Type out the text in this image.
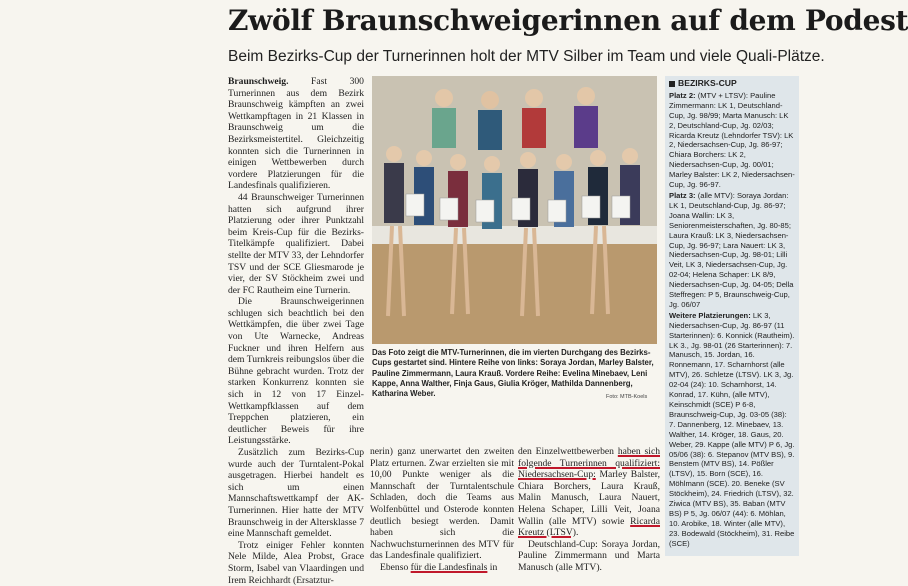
Zwölf Braunschweigerinnen auf dem Podest
Beim Bezirks-Cup der Turnerinnen holt der MTV Silber im Team und viele Quali-Plätze.

Braunschweig. Fast 300 Turnerinnen aus dem Bezirk Braunschweig kämpften an zwei Wettkampftagen in 21 Klassen in Braunschweig um die Bezirksmeistertitel. Gleichzeitig konnten sich die Turnerinnen in einigen Wettbewerben durch vordere Platzierungen für die Landesfinals qualifizieren.

44 Braunschweiger Turnerinnen hatten sich aufgrund ihrer Platzierung oder ihrer Punktzahl beim Kreis-Cup für die Bezirks-Titelkämpfe qualifiziert. Dabei stellte der MTV 33, der Lehndorfer TSV und der SCE Gliesmarode je vier, der SV Stöckheim zwei und der FC Rautheim eine Turnerin.

Die Braunschweigerinnen schlugen sich beachtlich bei den Wettkämpfen, die über zwei Tage von Ute Warnecke, Andreas Fuckner und ihren Helfern aus dem Turnkreis reibungslos über die Bühne gebracht wurden. Trotz der starken Konkurrenz konnten sie sich in 12 von 17 Einzel-Wettkampfklassen auf dem Treppchen platzieren, ein deutlicher Beweis für ihre Leistungsstärke.

Zusätzlich zum Bezirks-Cup wurde auch der Turntalent-Pokal ausgetragen. Hierbei handelt es sich um einen Mannschaftswettkampf der AK-Turnerinnen. Hier hatte der MTV Braunschweig in der Altersklasse 7 eine Mannschaft gemeldet.

Trotz einiger Fehler konnten Nele Milde, Alea Probst, Grace Storm, Isabel van Vlaardingen und Irem Reichhardt (Ersatztur-

Foto: MTB-Koels
Das Foto zeigt die MTV-Turnerinnen, die im vierten Durchgang des Bezirks-Cups gestartet sind. Hintere Reihe von links: Soraya Jordan, Marley Balster, Pauline Zimmermann, Laura Krauß. Vordere Reihe: Evelina Minebaev, Leni Kappe, Anna Walther, Finja Gaus, Giulia Kröger, Mathilda Dannenberg, Katharina Weber.

nerin) ganz unerwartet den zweiten Platz erturnen. Zwar erzielten sie mit 10,00 Punkte weniger als die Mannschaft der Turntalentschule Schladen, doch die Teams aus Wolfenbüttel und Osterode konnten deutlich besiegt werden. Damit haben sich die Nachwuchsturnerinnen des MTV für das Landesfinale qualifiziert.

Ebenso für die Landesfinals in

den Einzelwettbewerben haben sich folgende Turnerinnen qualifiziert: Niedersachsen-Cup: Marley Balster, Chiara Borchers, Laura Krauß, Malin Manusch, Laura Nauert, Helena Schaper, Lilli Veit, Joana Wallin (alle MTV) sowie Ricarda Kreutz (LTSV).

Deutschland-Cup: Soraya Jordan, Pauline Zimmermann und Marta Manusch (alle MTV).

BEZIRKS-CUP

Platz 2: (MTV + LTSV): Pauline Zimmermann: LK 1, Deutschland-Cup, Jg. 98/99; Marta Manusch: LK 2, Deutschland-Cup, Jg. 02/03; Ricarda Kreutz (Lehndorfer TSV): LK 2, Niedersachsen-Cup, Jg. 86-97; Chiara Borchers: LK 2, Niedersachsen-Cup, Jg. 00/01; Marley Balster: LK 2, Niedersachsen-Cup, Jg. 96-97.

Platz 3: (alle MTV): Soraya Jordan: LK 1, Deutschland-Cup, Jg. 86-97; Joana Wallin: LK 3, Seniorenmeisterschaften, Jg. 80-85; Laura Krauß: LK 3, Niedersachsen-Cup, Jg. 96-97; Lara Nauert: LK 3, Niedersachsen-Cup, Jg. 98-01; Lilli Veit, LK 3, Niedersachsen-Cup, Jg. 02-04; Helena Schaper: LK 8/9, Niedersachsen-Cup, Jg. 04-05; Della Steffregen: P 5, Braunschweig-Cup, Jg. 06/07

Weitere Platzierungen: LK 3, Niedersachsen-Cup, Jg. 86-97 (11 Starterinnen): 6. Konnick (Rautheim). LK 3., Jg. 98-01 (26 Starterinnen): 7. Manusch, 15. Jordan, 16. Ronnemann, 17. Scharnhorst (alle MTV), 26. Schletze (LTSV). LK 3, Jg. 02-04 (24): 10. Scharnhorst, 14. Konrad, 17. Kühn, (alle MTV), Keinschmidt (SCE) P 6-8, Braunschweig-Cup, Jg. 03-05 (38): 7. Dannenberg, 12. Minebaev, 13. Walther, 14. Kröger, 18. Gaus, 20. Weber, 29. Kappe (alle MTV) P 6, Jg. 05/06 (38): 6. Stepanov (MTV BS), 9. Benstem (MTV BS), 14. Pößler (LTSV), 15. Born (SCE), 16. Möhlmann (SCE). 20. Beneke (SV Stöckheim), 24. Friedrich (LTSV), 32. Ziwica (MTV BS), 35. Baban (MTV BS) P 5, Jg. 06/07 (44): 6. Möhlan, 10. Arobike, 18. Winter (alle MTV), 23. Bodewald (Stöckheim), 31. Reibe (SCE)
